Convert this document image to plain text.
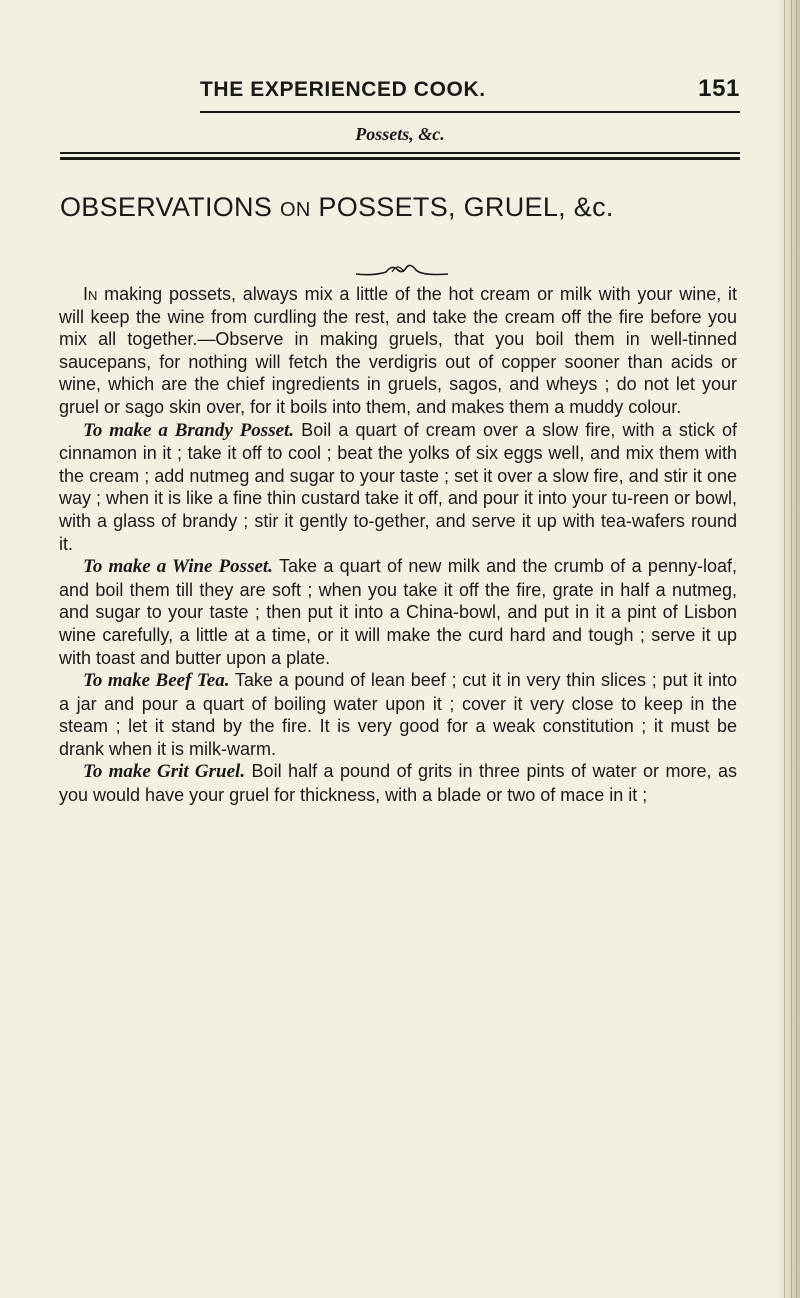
THE EXPERIENCED COOK.	151
Possets, &c.
OBSERVATIONS ON POSSETS, GRUEL, &c.

In making possets, always mix a little of the hot cream or milk with your wine, it will keep the wine from curdling the rest, and take the cream off the fire before you mix all together.—Observe in making gruels, that you boil them in well-tinned saucepans, for nothing will fetch the verdigris out of copper sooner than acids or wine, which are the chief ingredients in gruels, sagos, and wheys ; do not let your gruel or sago skin over, for it boils into them, and makes them a muddy colour.

To make a Brandy Posset. Boil a quart of cream over a slow fire, with a stick of cinnamon in it ; take it off to cool ; beat the yolks of six eggs well, and mix them with the cream ; add nutmeg and sugar to your taste ; set it over a slow fire, and stir it one way ; when it is like a fine thin custard take it off, and pour it into your tu-reen or bowl, with a glass of brandy ; stir it gently to-gether, and serve it up with tea-wafers round it.

To make a Wine Posset. Take a quart of new milk and the crumb of a penny-loaf, and boil them till they are soft ; when you take it off the fire, grate in half a nutmeg, and sugar to your taste ; then put it into a China-bowl, and put in it a pint of Lisbon wine carefully, a little at a time, or it will make the curd hard and tough ; serve it up with toast and butter upon a plate.

To make Beef Tea. Take a pound of lean beef ; cut it in very thin slices ; put it into a jar and pour a quart of boiling water upon it ; cover it very close to keep in the steam ; let it stand by the fire. It is very good for a weak constitution ; it must be drank when it is milk-warm.

To make Grit Gruel. Boil half a pound of grits in three pints of water or more, as you would have your gruel for thickness, with a blade or two of mace in it ;
